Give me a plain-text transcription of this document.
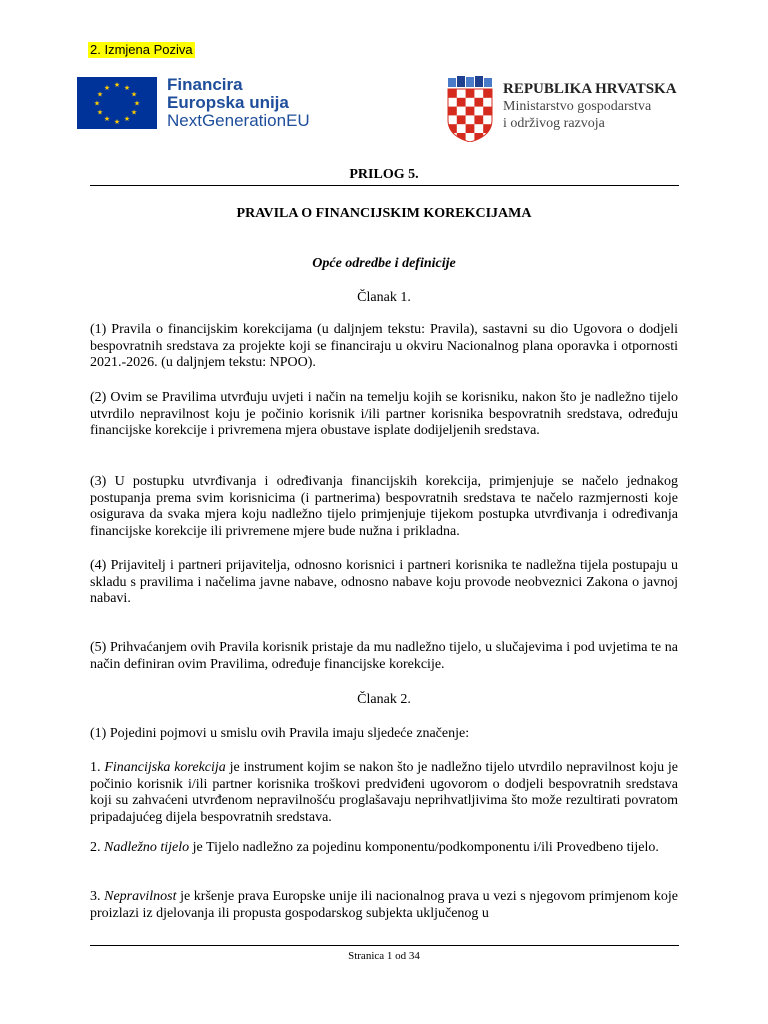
2. Izmjena Poziva
★ ★
★
★
★
★
★
★
★
★
★
★	Financira
Europska unija
NextGenerationEU
REPUBLIKA HRVATSKA
Ministarstvo gospodarstva
i održivog razvoja
PRILOG 5.
PRAVILA O FINANCIJSKIM KOREKCIJAMA
Opće odredbe i definicije
Članak 1.
(1) Pravila o financijskim korekcijama (u daljnjem tekstu: Pravila), sastavni su dio Ugovora o dodjeli bespovratnih sredstava za projekte koji se financiraju u okviru Nacionalnog plana oporavka i otpornosti 2021.-2026. (u daljnjem tekstu: NPOO).
(2) Ovim se Pravilima utvrđuju uvjeti i način na temelju kojih se korisniku, nakon što je nadležno tijelo utvrdilo nepravilnost koju je počinio korisnik i/ili partner korisnika bespovratnih sredstava, određuju financijske korekcije i privremena mjera obustave isplate dodijeljenih sredstava.
(3) U postupku utvrđivanja i određivanja financijskih korekcija, primjenjuje se načelo jednakog postupanja prema svim korisnicima (i partnerima) bespovratnih sredstava te načelo razmjernosti koje osigurava da svaka mjera koju nadležno tijelo primjenjuje tijekom postupka utvrđivanja i određivanja financijske korekcije ili privremene mjere bude nužna i prikladna.
(4) Prijavitelj i partneri prijavitelja, odnosno korisnici i partneri korisnika te nadležna tijela postupaju u skladu s pravilima i načelima javne nabave, odnosno nabave koju provode neobveznici Zakona o javnoj nabavi.
(5) Prihvaćanjem ovih Pravila korisnik pristaje da mu nadležno tijelo, u slučajevima i pod uvjetima te na način definiran ovim Pravilima, određuje financijske korekcije.
Članak 2.
(1) Pojedini pojmovi u smislu ovih Pravila imaju sljedeće značenje:
1. Financijska korekcija je instrument kojim se nakon što je nadležno tijelo utvrdilo nepravilnost koju je počinio korisnik i/ili partner korisnika troškovi predviđeni ugovorom o dodjeli bespovratnih sredstava koji su zahvaćeni utvrđenom nepravilnošću proglašavaju neprihvatljivima što može rezultirati povratom pripadajućeg dijela bespovratnih sredstava.
2. Nadležno tijelo je Tijelo nadležno za pojedinu komponentu/podkomponentu i/ili Provedbeno tijelo.
3. Nepravilnost je kršenje prava Europske unije ili nacionalnog prava u vezi s njegovom primjenom koje proizlazi iz djelovanja ili propusta gospodarskog subjekta uključenog u
Stranica 1 od 34
